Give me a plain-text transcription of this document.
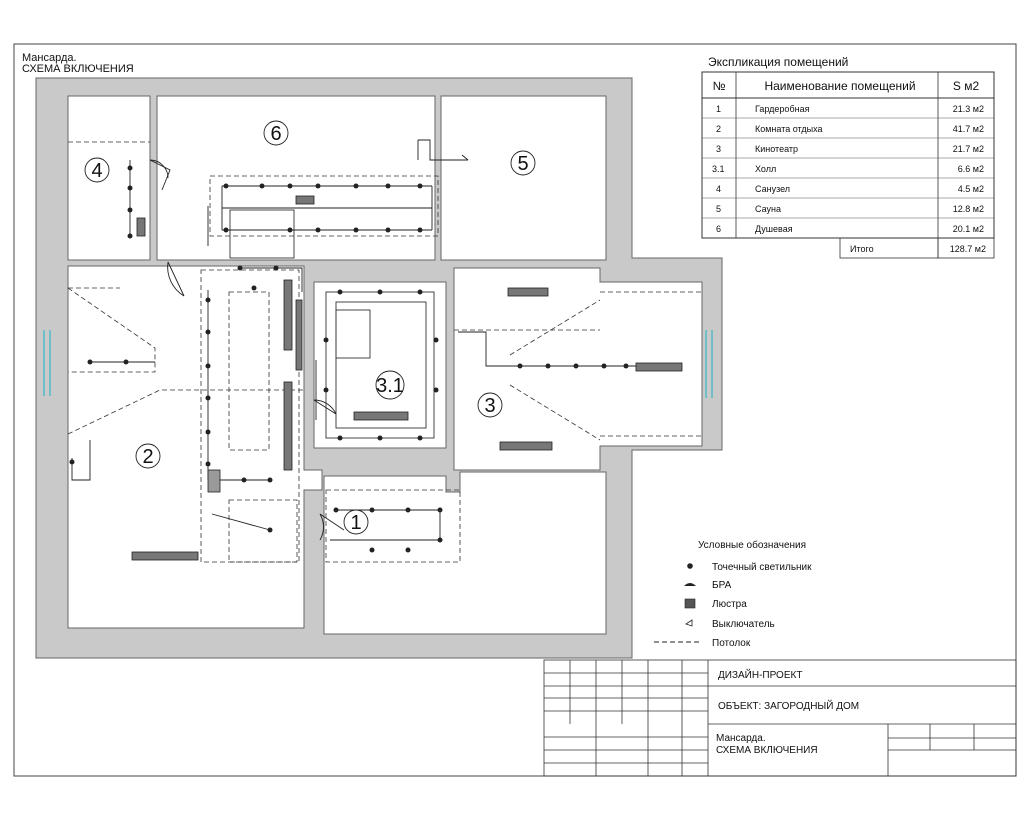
Мансарда.
СХЕМА ВКЛЮЧЕНИЯ
4
6
5
2
3
3.1
1
Экспликация помещений
№	Наименование помещений	S м2
1	Гардеробная	21.3 м2
2	Комната отдыха	41.7 м2
3	Кинотеатр	21.7 м2
3.1	Холл	6.6 м2
4	Санузел	4.5 м2
5	Сауна	12.8 м2
6	Душевая	20.1 м2
Итого	128.7 м2
Условные обозначения
Точечный светильник
БРА
Люстра
Выключатель
Потолок
ДИЗАЙН-ПРОЕКТ
ОБЪЕКТ: ЗАГОРОДНЫЙ ДОМ
Мансарда.
СХЕМА ВКЛЮЧЕНИЯ
